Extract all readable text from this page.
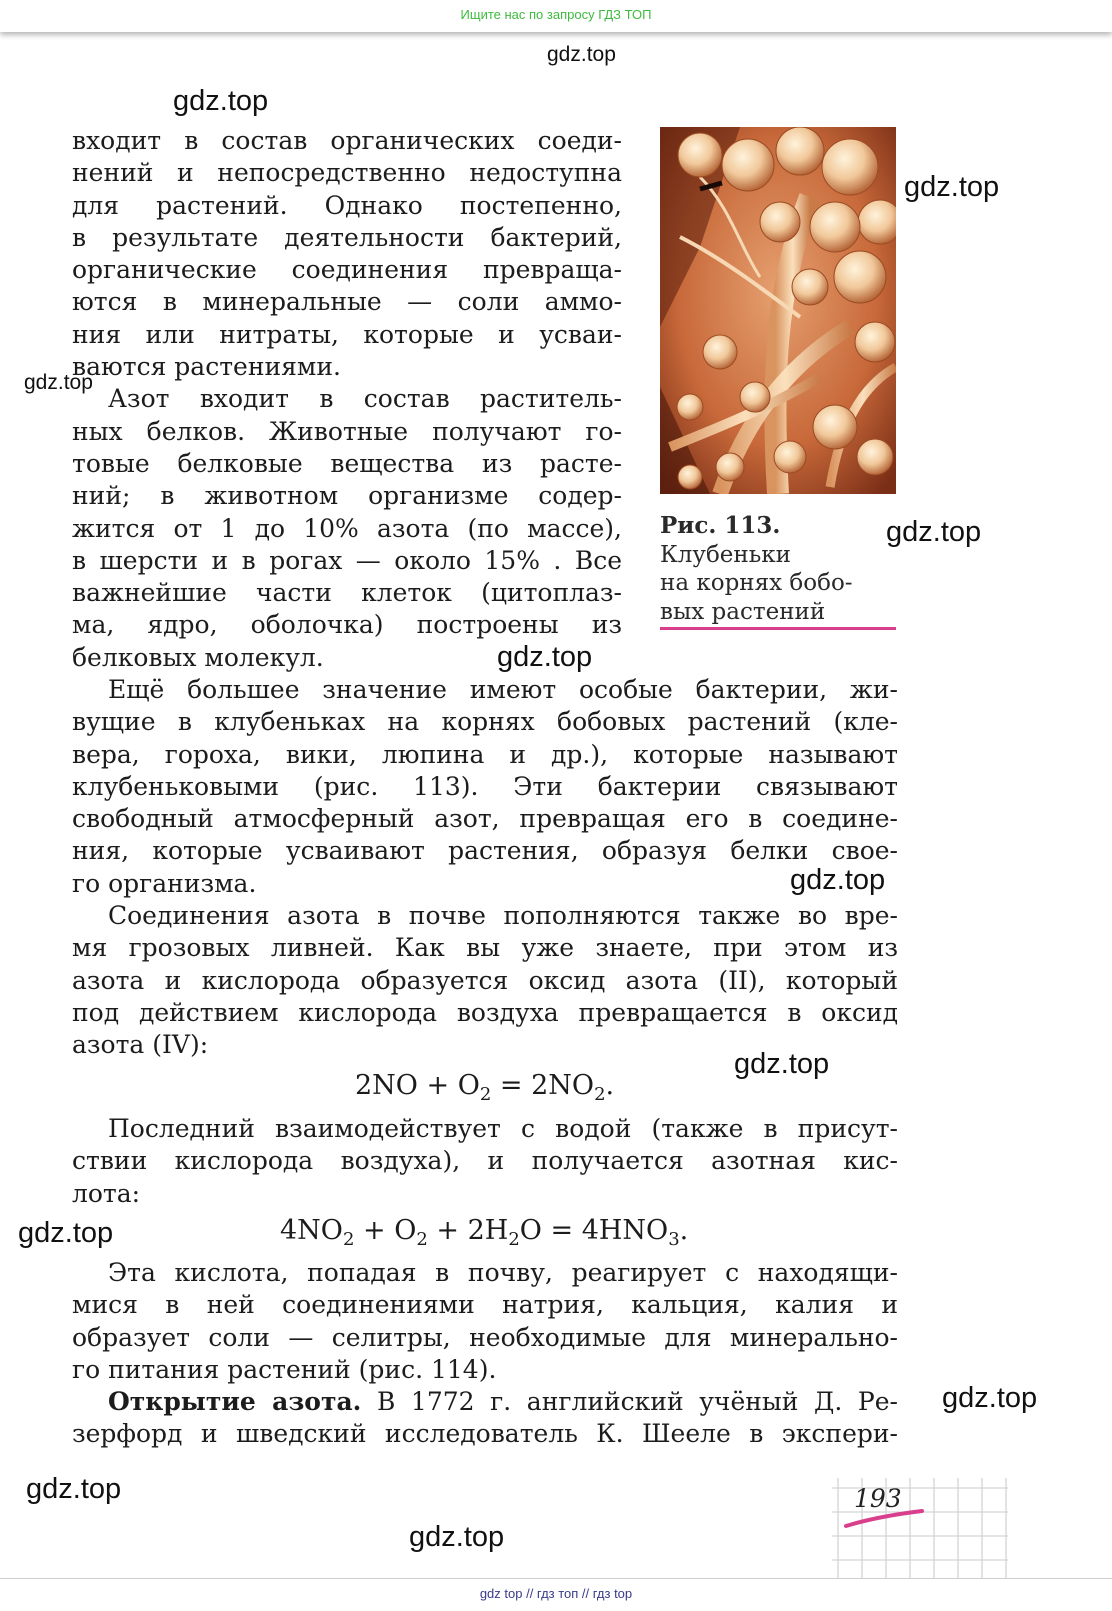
Ищите нас по запросу ГДЗ ТОП
gdz.top
gdz.top
gdz.top
gdz.top
gdz.top
gdz.top
gdz.top
gdz.top
gdz.top
gdz.top
gdz.top
gdz.top
входит в состав органических соеди-
нений и непосредственно недоступна
для растений. Однако постепенно,
в результате деятельности бактерий,
органические соединения превраща-
ются в минеральные — соли аммо-
ния или нитраты, которые и усваи-
ваются растениями.
Азот входит в состав раститель-
ных белков. Животные получают го-
товые белковые вещества из расте-
ний; в животном организме содер-
жится от 1 до 10% азота (по массе),
в шерсти и в рогах — около 15% . Все
важнейшие части клеток (цитоплаз-
ма, ядро, оболочка) построены из
белковых молекул.
Рис. 113.
Клубеньки
на корнях бобо-
вых растений
Ещё большее значение имеют особые бактерии, жи-
вущие в клубеньках на корнях бобовых растений (кле-
вера, гороха, вики, люпина и др.), которые называют
клубеньковыми (рис. 113). Эти бактерии связывают
свободный атмосферный азот, превращая его в соедине-
ния, которые усваивают растения, образуя белки свое-
го организма.
Соединения азота в почве пополняются также во вре-
мя грозовых ливней. Как вы уже знаете, при этом из
азота и кислорода образуется оксид азота (II), который
под действием кислорода воздуха превращается в оксид
азота (IV):
$2NO + O_2 = 2NO_2$.
Последний взаимодействует с водой (также в присут-
ствии кислорода воздуха), и получается азотная кис-
лота:
$4NO_2 + O_2 + 2H_2O = 4HNO_3$.
Эта кислота, попадая в почву, реагирует с находящи-
мися в ней соединениями натрия, кальция, калия и
образует соли — селитры, необходимые для минерально-
го питания растений (рис. 114).
Открытие азота. В 1772 г. английский учёный Д. Ре-
зерфорд и шведский исследователь К. Шееле в экспери-
193
gdz top // гдз топ // гдз top
